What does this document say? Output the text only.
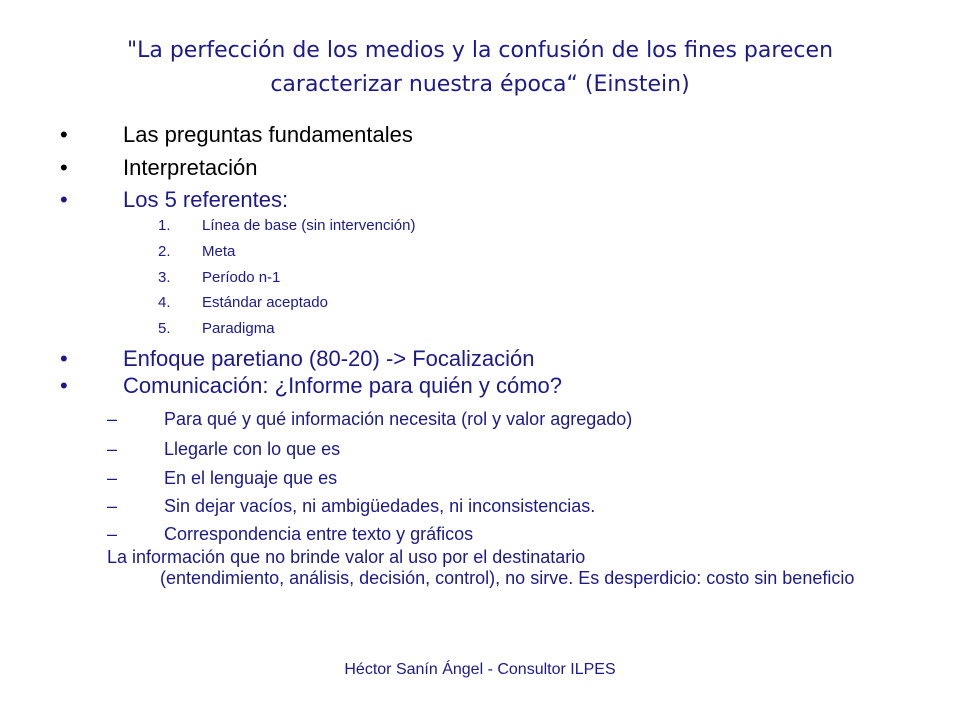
"La perfección de los medios y la confusión de los fines parecen caracterizar nuestra época“ (Einstein)
•	Las preguntas fundamentales
•	Interpretación
•	Los 5 referentes:
1. Línea de base (sin intervención)
2. Meta
3. Período n-1
4. Estándar aceptado
5. Paradigma
•	Enfoque paretiano (80-20) -> Focalización
•	Comunicación: ¿Informe para quién y cómo?
–	Para qué y qué información necesita (rol y valor agregado)
–	Llegarle con lo que es
–	En el lenguaje que es
–	Sin dejar vacíos, ni ambigüedades, ni inconsistencias.
–	Correspondencia entre texto y gráficos
La información que no brinde valor al uso por el destinatario
(entendimiento, análisis, decisión, control), no sirve. Es desperdicio: costo sin beneficio
Héctor Sanín Ángel - Consultor ILPES
